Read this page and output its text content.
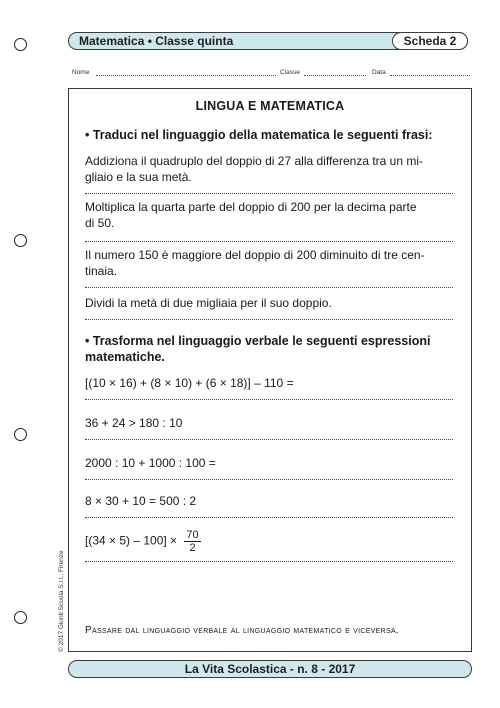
Matematica • Classe quinta	Scheda 2
Nome	Classe	Data
LINGUA E MATEMATICA
• Traduci nel linguaggio della matematica le seguenti frasi:
Addiziona il quadruplo del doppio di 27 alla differenza tra un mi-
gliaio e la sua metà.
Moltiplica la quarta parte del doppio di 200 per la decima parte
di 50.
Il numero 150 è maggiore del doppio di 200 diminuito di tre cen-
tinaia.
Dividi la metà di due migliaia per il suo doppio.
• Trasforma nel linguaggio verbale le seguenti espressioni
matematiche.
[(10 × 16) + (8 × 10) + (6 × 18)] – 110 =
36 + 24 > 180 : 10
2000 : 10 + 1000 : 100 =
8 × 30 + 10 = 500 : 2
$[(34 \times 5) - 100] \times \frac{70}{2}$
Passare dal linguaggio verbale al linguaggio matematico e viceversa.
© 2017 Giunti Scuola S.r.l., Firenze
La Vita Scolastica - n. 8 - 2017
